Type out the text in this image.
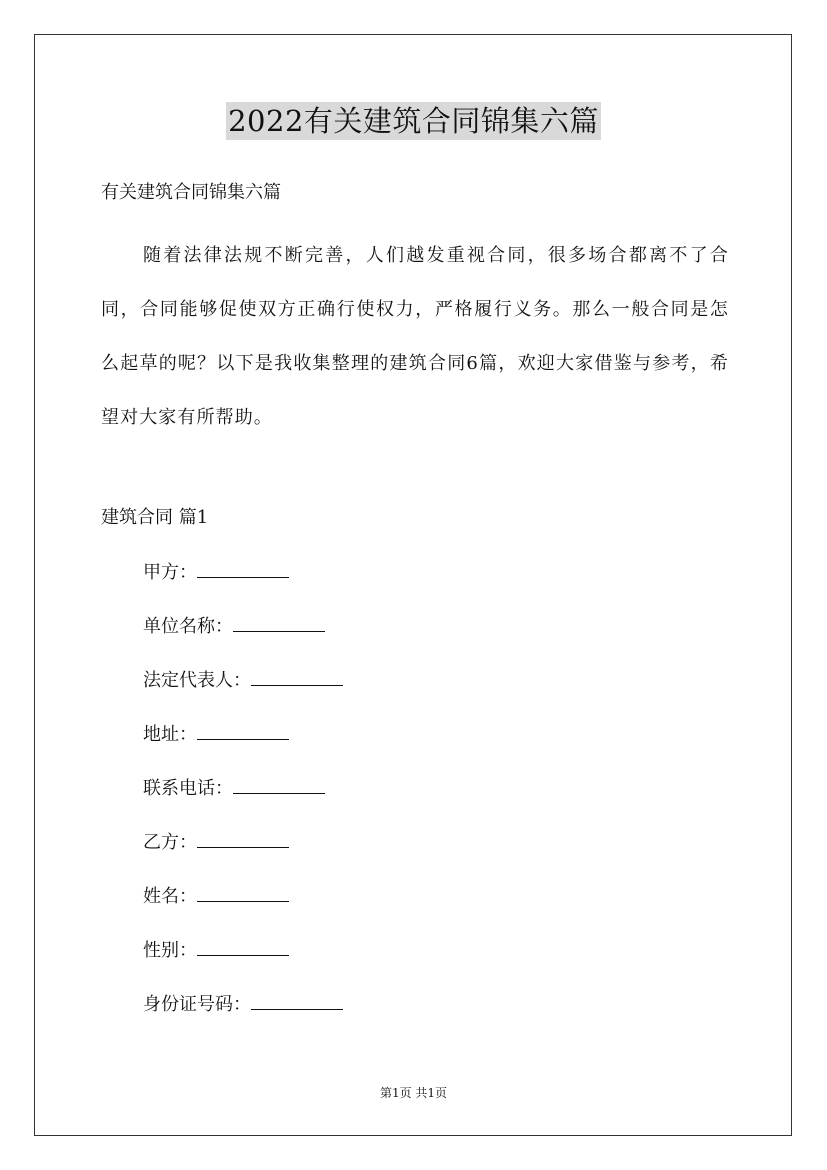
2022有关建筑合同锦集六篇
有关建筑合同锦集六篇

随着法律法规不断完善，人们越发重视合同，很多场合都离不了合同，合同能够促使双方正确行使权力，严格履行义务。那么一般合同是怎么起草的呢？以下是我收集整理的建筑合同6篇，欢迎大家借鉴与参考，希望对大家有所帮助。

建筑合同 篇1
甲方：
单位名称：
法定代表人：
地址：
联系电话：
乙方：
姓名：
性别：
身份证号码：
第1页 共1页
